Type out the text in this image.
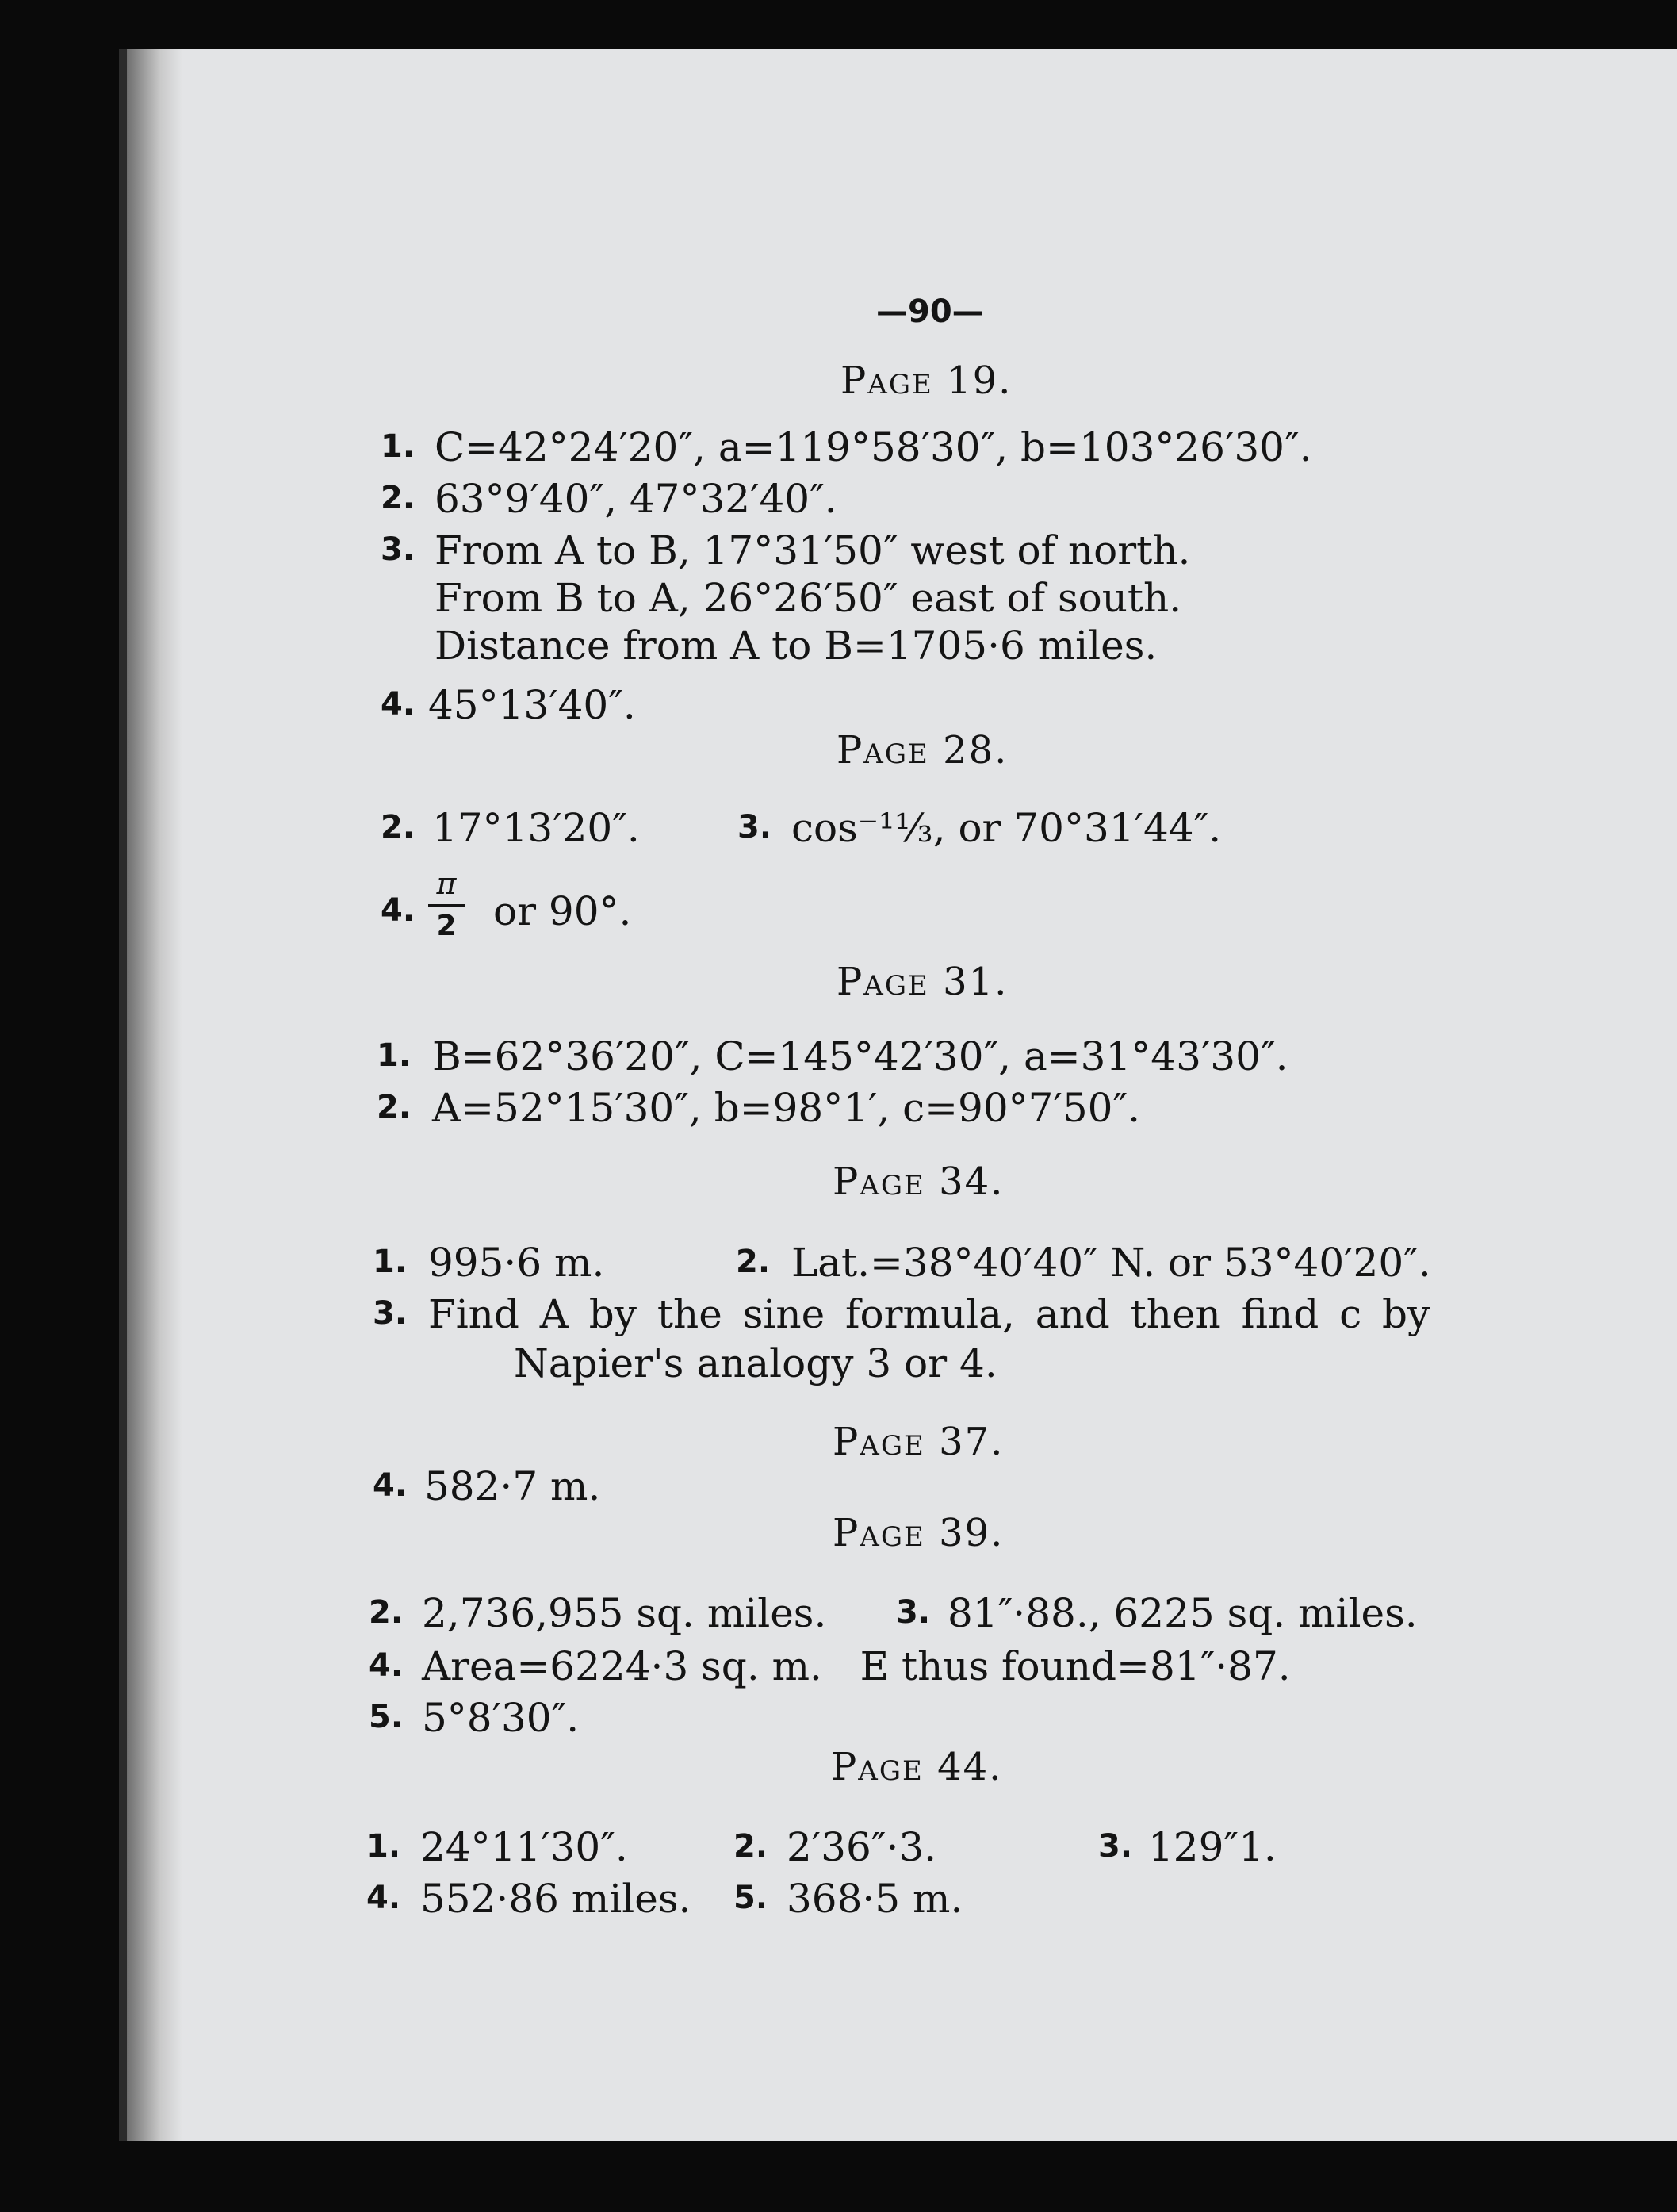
—90—
Page 19.
1. C=42°24′20″, a=119°58′30″, b=103°26′30″.
2. 63°9′40″, 47°32′40″.
3. From A to B, 17°31′50″ west of north.
From B to A, 26°26′50″ east of south.
Distance from A to B=1705·6 miles.
4. 45°13′40″.
Page 28.
2. 17°13′20″.	3. cos⁻¹⅓, or 70°31′44″.
4.
π
2 or 90°.
Page 31.
1. B=62°36′20″, C=145°42′30″, a=31°43′30″.
2. A=52°15′30″, b=98°1′, c=90°7′50″.
Page 34.
1. 995·6 m.	2. Lat.=38°40′40″ N. or 53°40′20″.
3. Find A by the sine formula, and then find c by
Napier's analogy 3 or 4.
Page 37.
4. 582·7 m.
Page 39.
2. 2,736,955 sq. miles. 3. 81″·88., 6225 sq. miles.
4. Area=6224·3 sq. m.   E thus found=81″·87.
5. 5°8′30″.
Page 44.
1. 24°11′30″.	2. 2′36″·3.	3. 129″1.
4. 552·86 miles. 5. 368·5 m.
